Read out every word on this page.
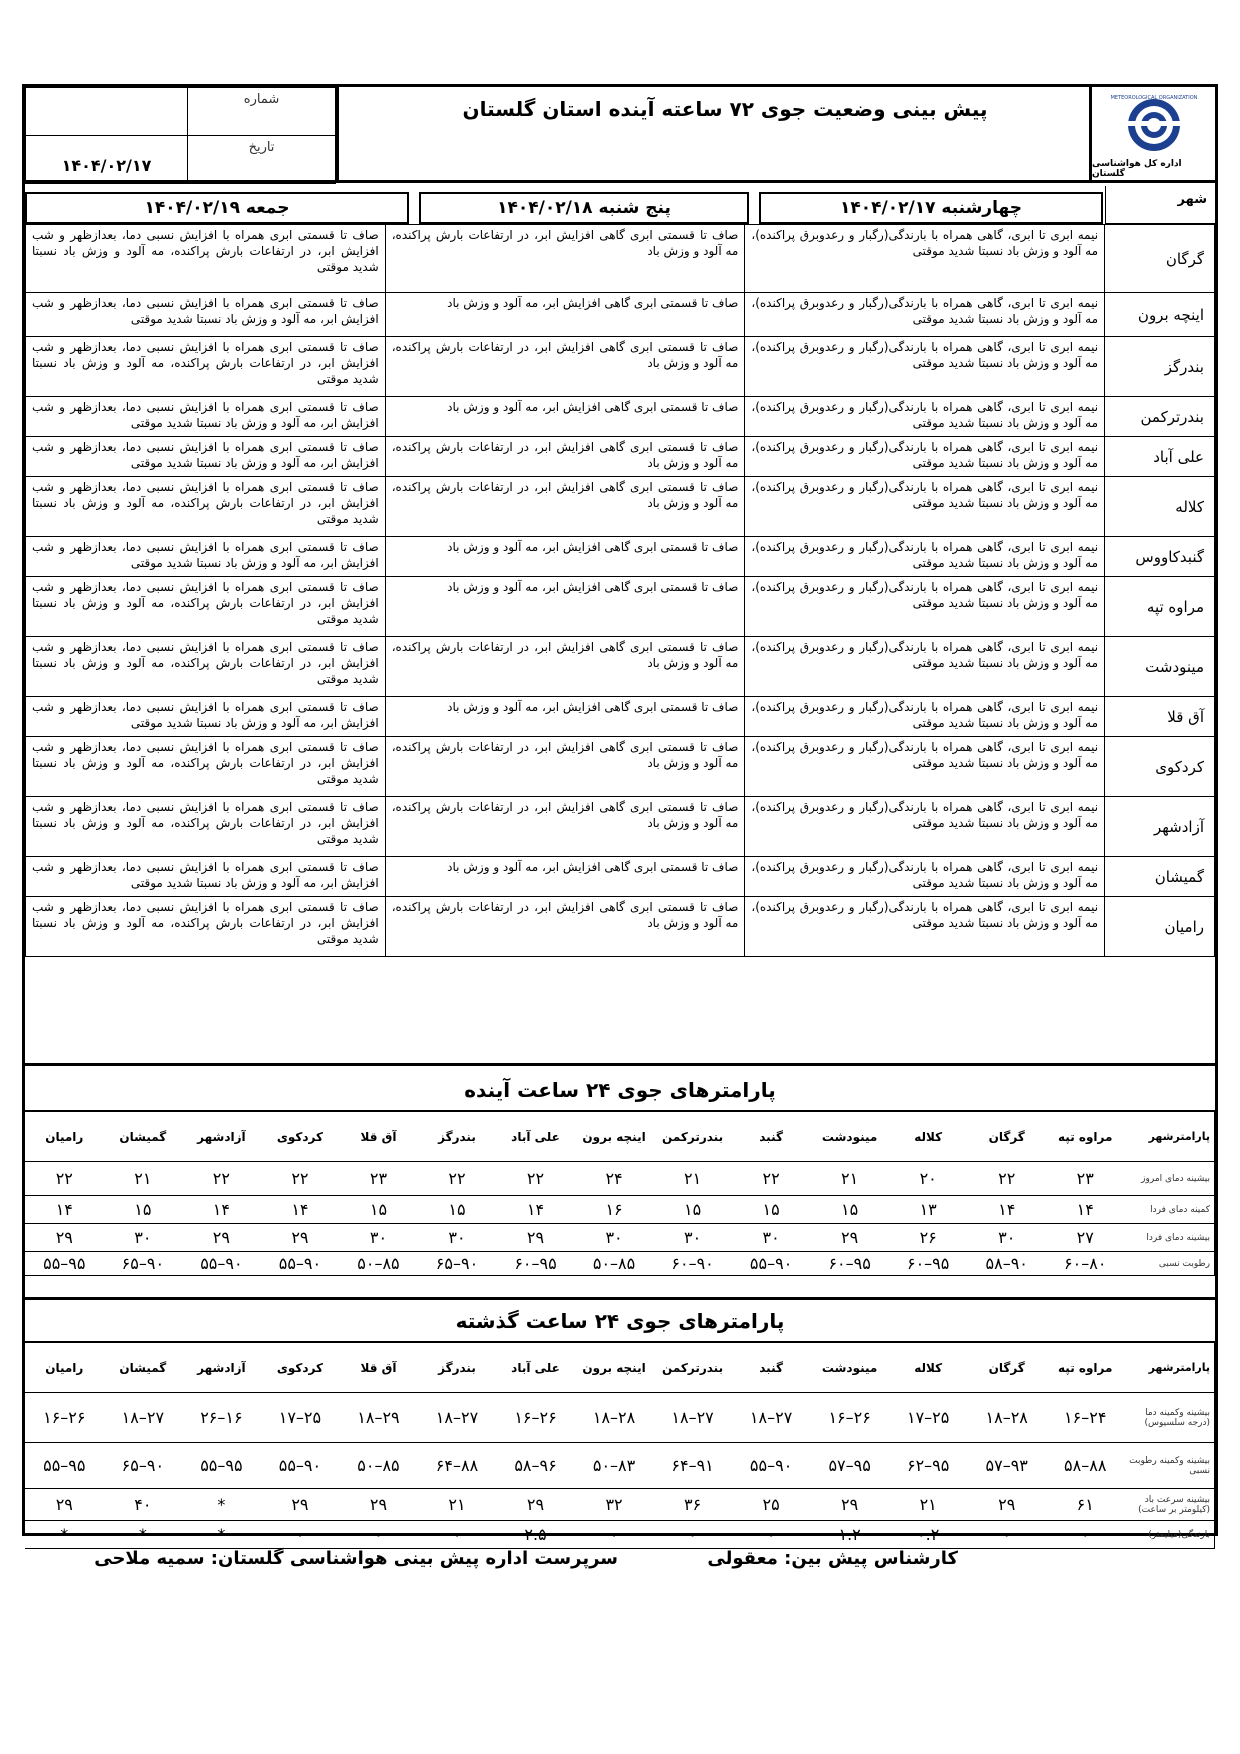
METEOROLOGICAL ORGANIZATION
اداره کل هواشناسی گلستان
پیش بینی وضعیت جوی ۷۲ ساعته آینده استان گلستان
	شماره
۱۴۰۴/۰۲/۱۷	تاریخ
شهر
چهارشنبه ۱۴۰۴/۰۲/۱۷
پنج شنبه ۱۴۰۴/۰۲/۱۸
جمعه ۱۴۰۴/۰۲/۱۹
گرگان	نیمه ابری تا ابری، گاهی همراه با بارندگی(رگبار و رعدوبرق پراکنده)، مه آلود و وزش باد نسبتا شدید موقتی	صاف تا قسمتی ابری گاهی افزایش ابر، در ارتفاعات بارش پراکنده، مه آلود و وزش باد	صاف تا قسمتی ابری همراه با افزایش نسبی دما، بعدازظهر و شب افزایش ابر، در ارتفاعات بارش پراکنده، مه آلود و وزش باد نسبتا شدید موقتی
اینچه برون	نیمه ابری تا ابری، گاهی همراه با بارندگی(رگبار و رعدوبرق پراکنده)، مه آلود و وزش باد نسبتا شدید موقتی	صاف تا قسمتی ابری گاهی افزایش ابر، مه آلود و وزش باد	صاف تا قسمتی ابری همراه با افزایش نسبی دما، بعدازظهر و شب افزایش ابر، مه آلود و وزش باد نسبتا شدید موقتی
بندرگز	نیمه ابری تا ابری، گاهی همراه با بارندگی(رگبار و رعدوبرق پراکنده)، مه آلود و وزش باد نسبتا شدید موقتی	صاف تا قسمتی ابری گاهی افزایش ابر، در ارتفاعات بارش پراکنده، مه آلود و وزش باد	صاف تا قسمتی ابری همراه با افزایش نسبی دما، بعدازظهر و شب افزایش ابر، در ارتفاعات بارش پراکنده، مه آلود و وزش باد نسبتا شدید موقتی
بندرترکمن	نیمه ابری تا ابری، گاهی همراه با بارندگی(رگبار و رعدوبرق پراکنده)، مه آلود و وزش باد نسبتا شدید موقتی	صاف تا قسمتی ابری گاهی افزایش ابر، مه آلود و وزش باد	صاف تا قسمتی ابری همراه با افزایش نسبی دما، بعدازظهر و شب افزایش ابر، مه آلود و وزش باد نسبتا شدید موقتی
علی آباد	نیمه ابری تا ابری، گاهی همراه با بارندگی(رگبار و رعدوبرق پراکنده)، مه آلود و وزش باد نسبتا شدید موقتی	صاف تا قسمتی ابری گاهی افزایش ابر، در ارتفاعات بارش پراکنده، مه آلود و وزش باد	صاف تا قسمتی ابری همراه با افزایش نسبی دما، بعدازظهر و شب افزایش ابر، مه آلود و وزش باد نسبتا شدید موقتی
کلاله	نیمه ابری تا ابری، گاهی همراه با بارندگی(رگبار و رعدوبرق پراکنده)، مه آلود و وزش باد نسبتا شدید موقتی	صاف تا قسمتی ابری گاهی افزایش ابر، در ارتفاعات بارش پراکنده، مه آلود و وزش باد	صاف تا قسمتی ابری همراه با افزایش نسبی دما، بعدازظهر و شب افزایش ابر، در ارتفاعات بارش پراکنده، مه آلود و وزش باد نسبتا شدید موقتی
گنبدکاووس	نیمه ابری تا ابری، گاهی همراه با بارندگی(رگبار و رعدوبرق پراکنده)، مه آلود و وزش باد نسبتا شدید موقتی	صاف تا قسمتی ابری گاهی افزایش ابر، مه آلود و وزش باد	صاف تا قسمتی ابری همراه با افزایش نسبی دما، بعدازظهر و شب افزایش ابر، مه آلود و وزش باد نسبتا شدید موقتی
مراوه تپه	نیمه ابری تا ابری، گاهی همراه با بارندگی(رگبار و رعدوبرق پراکنده)، مه آلود و وزش باد نسبتا شدید موقتی	صاف تا قسمتی ابری گاهی افزایش ابر، مه آلود و وزش باد	صاف تا قسمتی ابری همراه با افزایش نسبی دما، بعدازظهر و شب افزایش ابر، در ارتفاعات بارش پراکنده، مه آلود و وزش باد نسبتا شدید موقتی
مینودشت	نیمه ابری تا ابری، گاهی همراه با بارندگی(رگبار و رعدوبرق پراکنده)، مه آلود و وزش باد نسبتا شدید موقتی	صاف تا قسمتی ابری گاهی افزایش ابر، در ارتفاعات بارش پراکنده، مه آلود و وزش باد	صاف تا قسمتی ابری همراه با افزایش نسبی دما، بعدازظهر و شب افزایش ابر، در ارتفاعات بارش پراکنده، مه آلود و وزش باد نسبتا شدید موقتی
آق قلا	نیمه ابری تا ابری، گاهی همراه با بارندگی(رگبار و رعدوبرق پراکنده)، مه آلود و وزش باد نسبتا شدید موقتی	صاف تا قسمتی ابری گاهی افزایش ابر، مه آلود و وزش باد	صاف تا قسمتی ابری همراه با افزایش نسبی دما، بعدازظهر و شب افزایش ابر، مه آلود و وزش باد نسبتا شدید موقتی
کردکوی	نیمه ابری تا ابری، گاهی همراه با بارندگی(رگبار و رعدوبرق پراکنده)، مه آلود و وزش باد نسبتا شدید موقتی	صاف تا قسمتی ابری گاهی افزایش ابر، در ارتفاعات بارش پراکنده، مه آلود و وزش باد	صاف تا قسمتی ابری همراه با افزایش نسبی دما، بعدازظهر و شب افزایش ابر، در ارتفاعات بارش پراکنده، مه آلود و وزش باد نسبتا شدید موقتی
آزادشهر	نیمه ابری تا ابری، گاهی همراه با بارندگی(رگبار و رعدوبرق پراکنده)، مه آلود و وزش باد نسبتا شدید موقتی	صاف تا قسمتی ابری گاهی افزایش ابر، در ارتفاعات بارش پراکنده، مه آلود و وزش باد	صاف تا قسمتی ابری همراه با افزایش نسبی دما، بعدازظهر و شب افزایش ابر، در ارتفاعات بارش پراکنده، مه آلود و وزش باد نسبتا شدید موقتی
گمیشان	نیمه ابری تا ابری، گاهی همراه با بارندگی(رگبار و رعدوبرق پراکنده)، مه آلود و وزش باد نسبتا شدید موقتی	صاف تا قسمتی ابری گاهی افزایش ابر، مه آلود و وزش باد	صاف تا قسمتی ابری همراه با افزایش نسبی دما، بعدازظهر و شب افزایش ابر، مه آلود و وزش باد نسبتا شدید موقتی
رامیان	نیمه ابری تا ابری، گاهی همراه با بارندگی(رگبار و رعدوبرق پراکنده)، مه آلود و وزش باد نسبتا شدید موقتی	صاف تا قسمتی ابری گاهی افزایش ابر، در ارتفاعات بارش پراکنده، مه آلود و وزش باد	صاف تا قسمتی ابری همراه با افزایش نسبی دما، بعدازظهر و شب افزایش ابر، در ارتفاعات بارش پراکنده، مه آلود و وزش باد نسبتا شدید موقتی
پارامترهای جوی ۲۴ ساعت آینده
پارامترشهر	مراوه تپه	گرگان	کلاله	مینودشت	گنبد	بندرترکمن	اینچه برون	علی آباد	بندرگز	آق قلا	کردکوی	آزادشهر	گمیشان	رامیان
بیشینه دمای امروز	۲۳	۲۲	۲۰	۲۱	۲۲	۲۱	۲۴	۲۲	۲۲	۲۳	۲۲	۲۲	۲۱	۲۲
کمینه دمای فردا	۱۴	۱۴	۱۳	۱۵	۱۵	۱۵	۱۶	۱۴	۱۵	۱۵	۱۴	۱۴	۱۵	۱۴
بیشینه دمای فردا	۲۷	۳۰	۲۶	۲۹	۳۰	۳۰	۳۰	۲۹	۳۰	۳۰	۲۹	۲۹	۳۰	۲۹
رطوبت نسبی	۸۰–۶۰	۹۰–۵۸	۹۵–۶۰	۹۵–۶۰	۹۰–۵۵	۹۰–۶۰	۸۵–۵۰	۹۵–۶۰	۹۰–۶۵	۸۵–۵۰	۹۰–۵۵	۹۰–۵۵	۹۰–۶۵	۹۵–۵۵
پارامترهای جوی ۲۴ ساعت گذشته
پارامترشهر	مراوه تپه	گرگان	کلاله	مینودشت	گنبد	بندرترکمن	اینچه برون	علی آباد	بندرگز	آق قلا	کردکوی	آزادشهر	گمیشان	رامیان
بیشینه وکمینه دما (درجه سلسیوس)	۲۴–۱۶	۲۸–۱۸	۲۵–۱۷	۲۶–۱۶	۲۷–۱۸	۲۷–۱۸	۲۸–۱۸	۲۶–۱۶	۲۷–۱۸	۲۹–۱۸	۲۵–۱۷	۱۶–۲۶	۲۷–۱۸	۲۶–۱۶
بیشینه وکمینه رطوبت نسبی	۸۸–۵۸	۹۳–۵۷	۹۵–۶۲	۹۵–۵۷	۹۰–۵۵	۹۱–۶۴	۸۳–۵۰	۹۶–۵۸	۸۸–۶۴	۸۵–۵۰	۹۰–۵۵	۹۵–۵۵	۹۰–۶۵	۹۵–۵۵
بیشینه سرعت باد (کیلومتر بر ساعت)	۶۱	۲۹	۲۱	۲۹	۲۵	۳۶	۳۲	۲۹	۲۱	۲۹	۲۹	*	۴۰	۲۹
بارندگی(میلیمتر)	۰	۰	۰.۲	۱.۲	۰	۰	۰	۲.۵	۰	۰	۰	*	*	*
کارشناس پیش بین: معقولی
سرپرست اداره پیش بینی هواشناسی گلستان: سمیه ملاحی
